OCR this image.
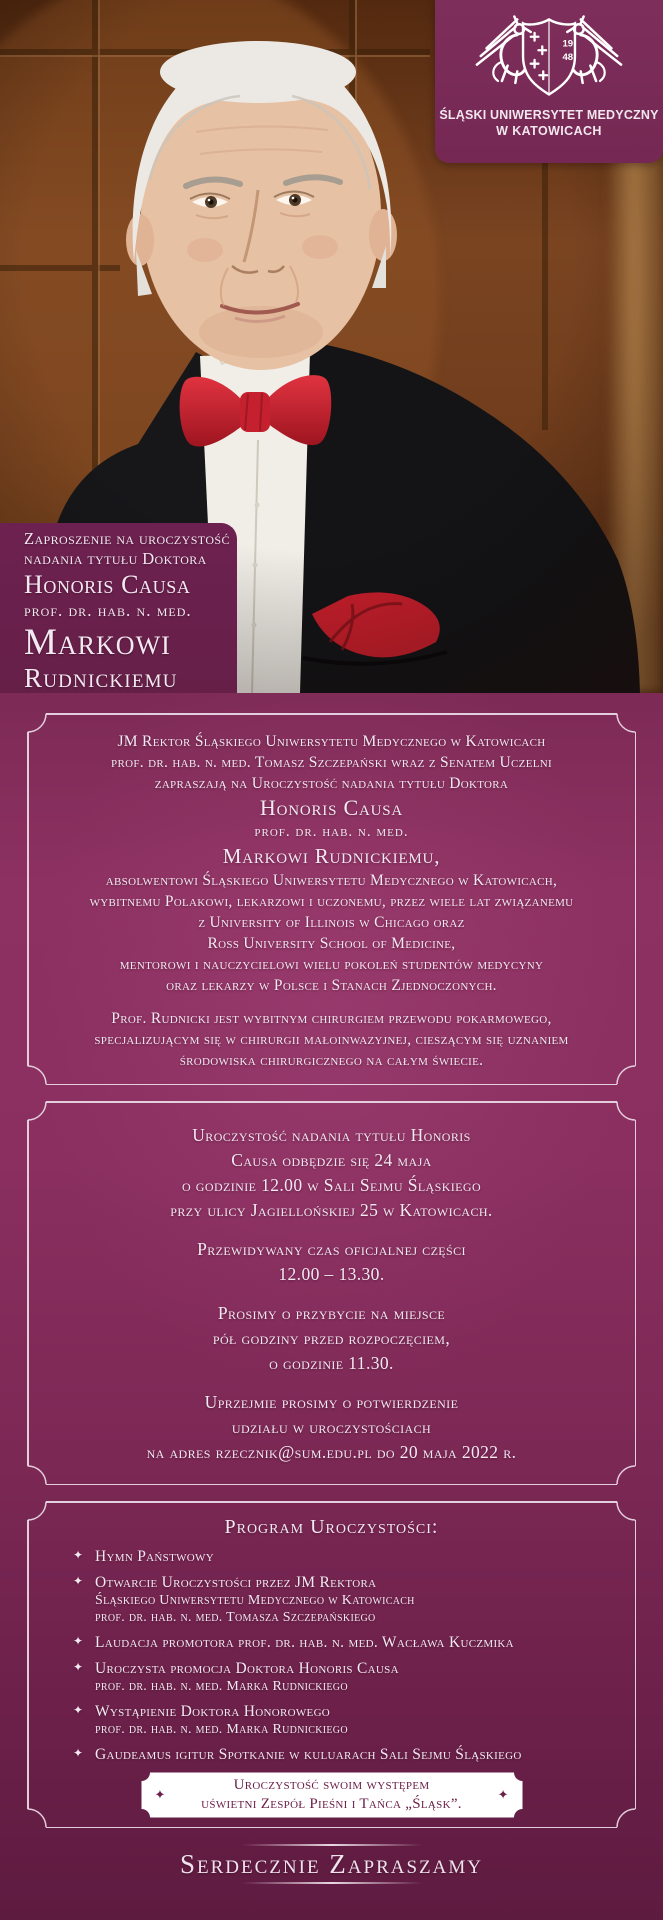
19
48
ŚLĄSKI UNIWERSYTET MEDYCZNY
W KATOWICACH
Zaproszenie na uroczystość
nadania tytułu Doktora
Honoris Causa
prof. dr. hab. n. med.
Markowi
Rudnickiemu
JM Rektor Śląskiego Uniwersytetu Medycznego w Katowicach
prof. dr. hab. n. med. Tomasz Szczepański wraz z Senatem Uczelni
zapraszają na Uroczystość nadania tytułu Doktora
Honoris Causa
prof. dr. hab. n. med.
Markowi Rudnickiemu,
absolwentowi Śląskiego Uniwersytetu Medycznego w Katowicach,
wybitnemu Polakowi, lekarzowi i uczonemu, przez wiele lat związanemu
z University of Illinois w Chicago oraz
Ross University School of Medicine,
mentorowi i nauczycielowi wielu pokoleń studentów medycyny
oraz lekarzy w Polsce i Stanach Zjednoczonych.
Prof. Rudnicki jest wybitnym chirurgiem przewodu pokarmowego,
specjalizującym się w chirurgii małoinwazyjnej, cieszącym się uznaniem
środowiska chirurgicznego na całym świecie.
Uroczystość nadania tytułu Honoris
Causa odbędzie się 24 maja
o godzinie 12.00 w Sali Sejmu Śląskiego
przy ulicy Jagiellońskiej 25 w Katowicach.
Przewidywany czas oficjalnej części
12.00 – 13.30.
Prosimy o przybycie na miejsce
pół godziny przed rozpoczęciem,
o godzinie 11.30.
Uprzejmie prosimy o potwierdzenie
udziału w uroczystościach
na adres rzecznik@sum.edu.pl do 20 maja 2022 r.
Program Uroczystości:
✦ Hymn Państwowy
✦ Otwarcie Uroczystości przez JM Rektora
Śląskiego Uniwersytetu Medycznego w Katowicach
prof. dr. hab. n. med. Tomasza Szczepańskiego
✦ Laudacja promotora prof. dr. hab. n. med. Wacława Kuczmika
✦ Uroczysta promocja Doktora Honoris Causa
prof. dr. hab. n. med. Marka Rudnickiego
✦ Wystąpienie Doktora Honorowego
prof. dr. hab. n. med. Marka Rudnickiego
✦ Gaudeamus igitur Spotkanie w kuluarach Sali Sejmu Śląskiego
✦	✦
Uroczystość swoim występem
uświetni Zespół Pieśni i Tańca „Śląsk”.
Serdecznie Zapraszamy
